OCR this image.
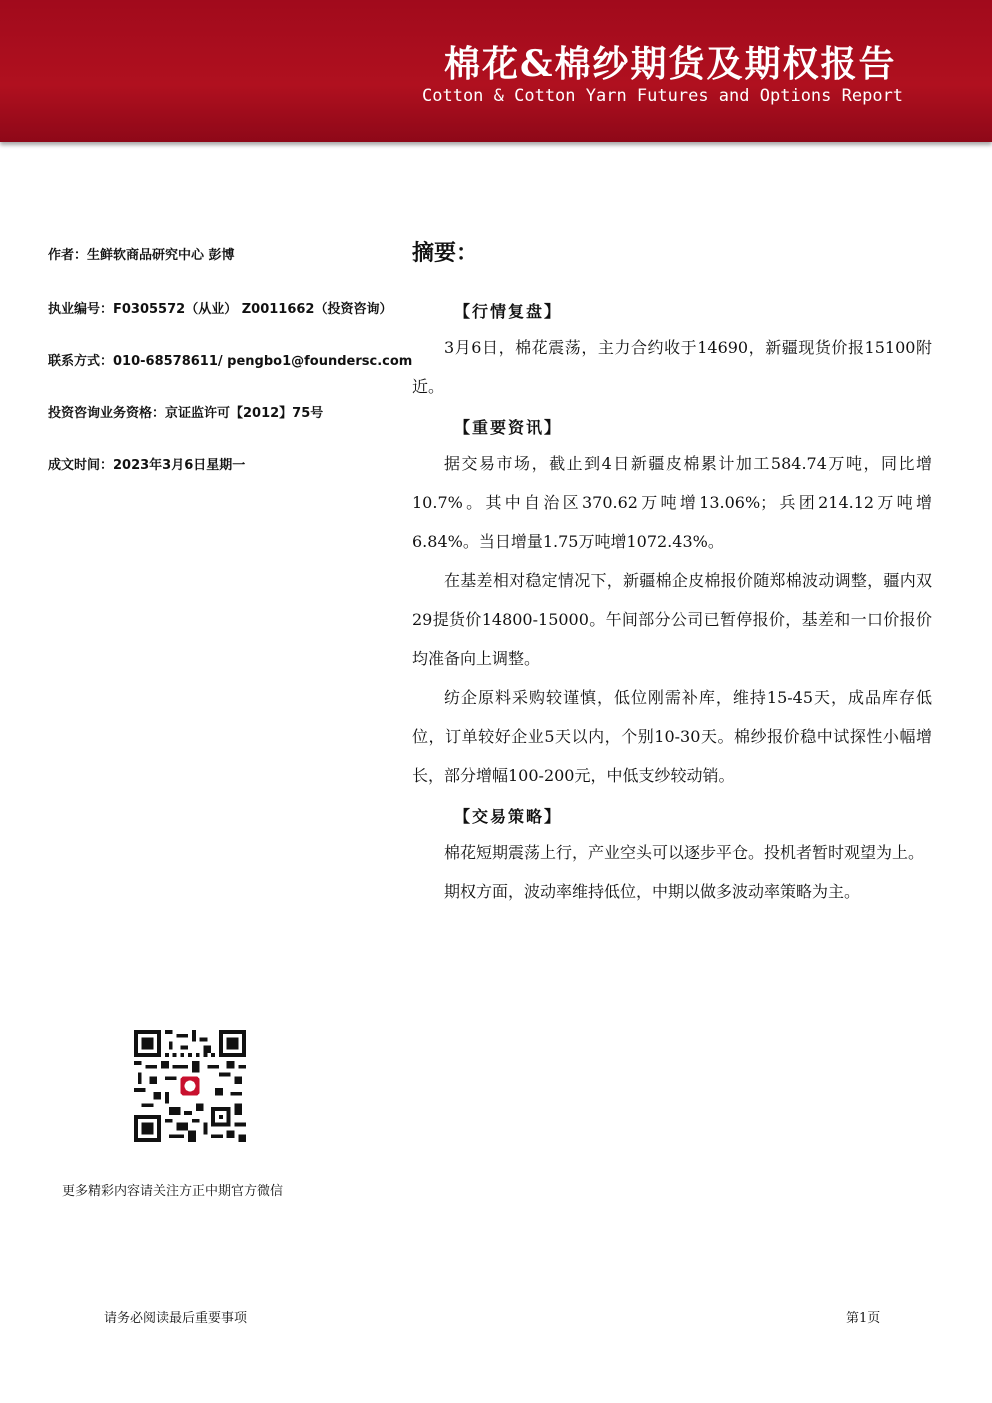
棉花&棉纱期货及期权报告
Cotton & Cotton Yarn Futures and Options Report
作者：生鲜软商品研究中心 彭博
执业编号：F0305572（从业） Z0011662（投资咨询）
联系方式：010-68578611/ pengbo1@foundersc.com
投资咨询业务资格：京证监许可【2012】75号
成文时间：2023年3月6日星期一
更多精彩内容请关注方正中期官方微信
摘要：
【行情复盘】

3月6日，棉花震荡，主力合约收于14690，新疆现货价报15100附近。

【重要资讯】

据交易市场，截止到4日新疆皮棉累计加工584.74万吨，同比增10.7%。其中自治区370.62万吨增13.06%；兵团214.12万吨增6.84%。当日增量1.75万吨增1072.43%。

在基差相对稳定情况下，新疆棉企皮棉报价随郑棉波动调整，疆内双29提货价14800-15000。午间部分公司已暂停报价，基差和一口价报价均准备向上调整。

纺企原料采购较谨慎，低位刚需补库，维持15-45天，成品库存低位，订单较好企业5天以内，个别10-30天。棉纱报价稳中试探性小幅增长，部分增幅100-200元，中低支纱较动销。

【交易策略】

棉花短期震荡上行，产业空头可以逐步平仓。投机者暂时观望为上。

期权方面，波动率维持低位，中期以做多波动率策略为主。

请务必阅读最后重要事项	第1页
